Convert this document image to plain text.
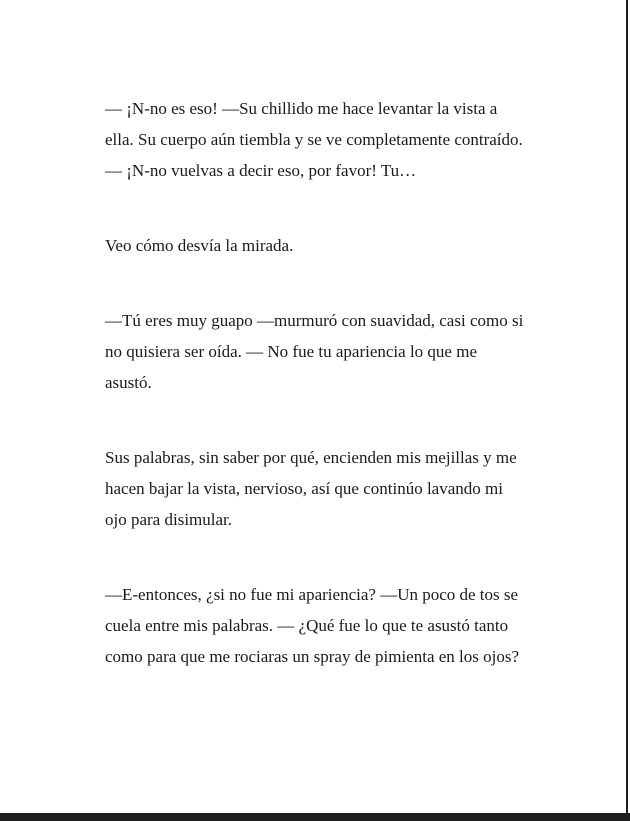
— ¡N-no es eso! —Su chillido me hace levantar la vista a ella. Su cuerpo aún tiembla y se ve completamente contraído. — ¡N-no vuelvas a decir eso, por favor! Tu…

Veo cómo desvía la mirada.

—Tú eres muy guapo —murmuró con suavidad, casi como si no quisiera ser oída. — No fue tu apariencia lo que me asustó.

Sus palabras, sin saber por qué, encienden mis mejillas y me hacen bajar la vista, nervioso, así que continúo lavando mi ojo para disimular.

—E-entonces, ¿si no fue mi apariencia? —Un poco de tos se cuela entre mis palabras. — ¿Qué fue lo que te asustó tanto como para que me rociaras un spray de pimienta en los ojos?
